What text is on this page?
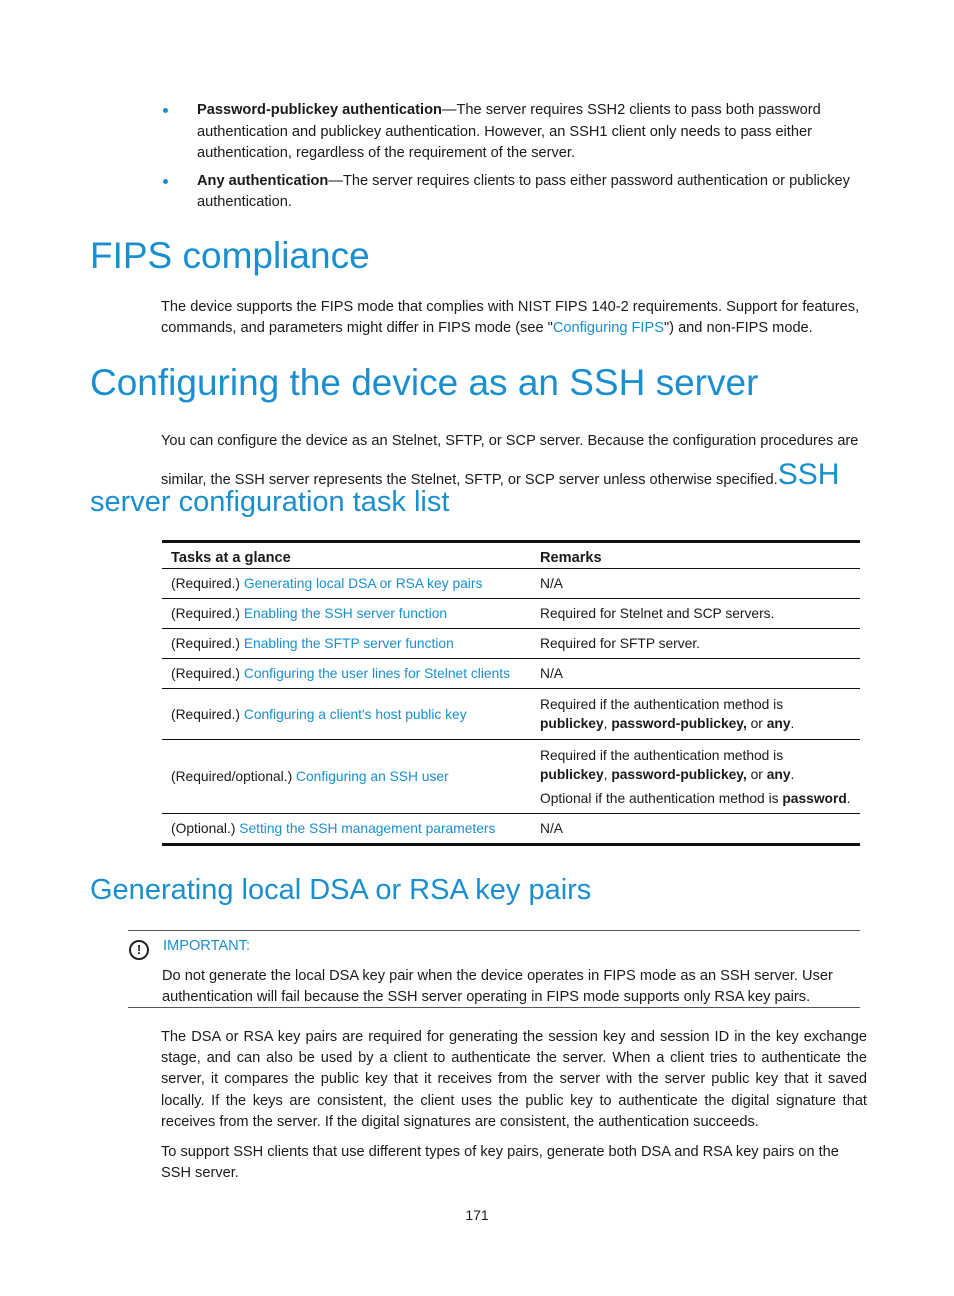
Password-publickey authentication—The server requires SSH2 clients to pass both password authentication and publickey authentication. However, an SSH1 client only needs to pass either authentication, regardless of the requirement of the server.
Any authentication—The server requires clients to pass either password authentication or publickey authentication.
FIPS compliance

The device supports the FIPS mode that complies with NIST FIPS 140-2 requirements. Support for features, commands, and parameters might differ in FIPS mode (see "Configuring FIPS") and non-FIPS mode.

Configuring the device as an SSH server

You can configure the device as an Stelnet, SFTP, or SCP server. Because the configuration procedures are similar, the SSH server represents the Stelnet, SFTP, or SCP server unless otherwise specified.SSH

server configuration task list
Tasks at a glance	Remarks
(Required.) Generating local DSA or RSA key pairs	N/A
(Required.) Enabling the SSH server function	Required for Stelnet and SCP servers.
(Required.) Enabling the SFTP server function	Required for SFTP server.
(Required.) Configuring the user lines for Stelnet clients	N/A
(Required.) Configuring a client's host public key	Required if the authentication method is publickey, password-publickey, or any.
(Required/optional.) Configuring an SSH user	Required if the authentication method is publickey, password-publickey, or any.
Optional if the authentication method is password.

(Optional.) Setting the SSH management parameters	N/A
Generating local DSA or RSA key pairs
!	IMPORTANT:
Do not generate the local DSA key pair when the device operates in FIPS mode as an SSH server. User authentication will fail because the SSH server operating in FIPS mode supports only RSA key pairs.

The DSA or RSA key pairs are required for generating the session key and session ID in the key exchange stage, and can also be used by a client to authenticate the server. When a client tries to authenticate the server, it compares the public key that it receives from the server with the server public key that it saved locally. If the keys are consistent, the client uses the public key to authenticate the digital signature that receives from the server. If the digital signatures are consistent, the authentication succeeds.

To support SSH clients that use different types of key pairs, generate both DSA and RSA key pairs on the SSH server.

171
